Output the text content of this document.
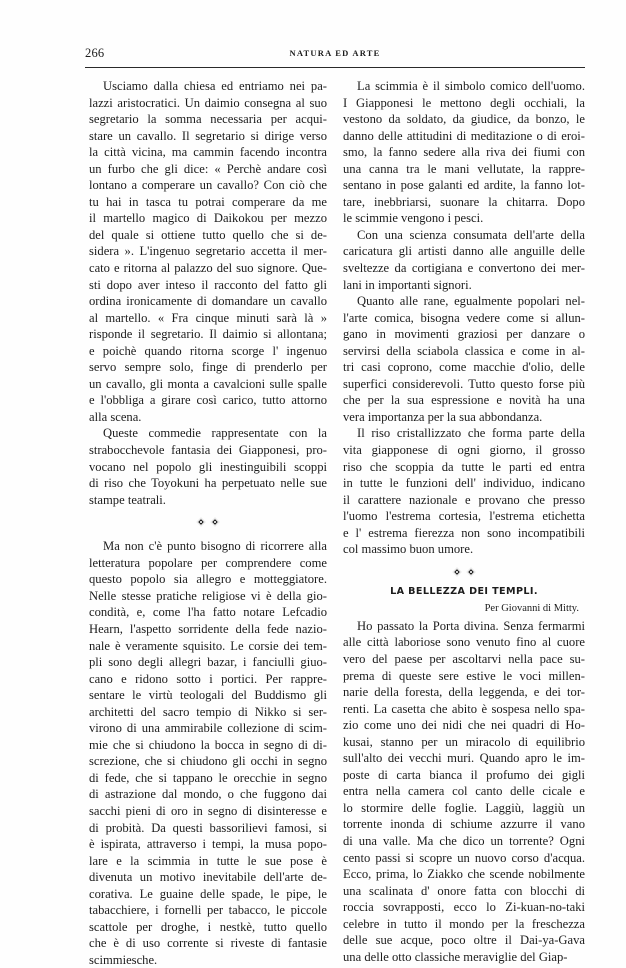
266	NATURA ED ARTE
Usciamo dalla chiesa ed entriamo nei pa-
lazzi aristocratici. Un daimio consegna al suo
segretario la somma necessaria per acqui-
stare un cavallo. Il segretario si dirige verso
la città vicina, ma cammin facendo incontra
un furbo che gli dice: « Perchè andare così
lontano a comperare un cavallo? Con ciò che
tu hai in tasca tu potrai comperare da me
il martello magico di Daikokou per mezzo
del quale si ottiene tutto quello che si de-
sidera ». L'ingenuo segretario accetta il mer-
cato e ritorna al palazzo del suo signore. Que-
sti dopo aver inteso il racconto del fatto gli
ordina ironicamente di domandare un cavallo
al martello. « Fra cinque minuti sarà là »
risponde il segretario. Il daimio si allontana;
e poichè quando ritorna scorge l' ingenuo
servo sempre solo, finge di prenderlo per
un cavallo, gli monta a cavalcioni sulle spalle
e l'obbliga a girare così carico, tutto attorno
alla scena.
Queste commedie rappresentate con la
strabocchevole fantasia dei Giapponesi, pro-
vocano nel popolo gli inestinguibili scoppi
di riso che Toyokuni ha perpetuato nelle sue
stampe teatrali.
Ma non c'è punto bisogno di ricorrere alla
letteratura popolare per comprendere come
questo popolo sia allegro e motteggiatore.
Nelle stesse pratiche religiose vi è della gio-
condità, e, come l'ha fatto notare Lefcadio
Hearn, l'aspetto sorridente della fede nazio-
nale è veramente squisito. Le corsie dei tem-
pli sono degli allegri bazar, i fanciulli giuo-
cano e ridono sotto i portici. Per rappre-
sentare le virtù teologali del Buddismo gli
architetti del sacro tempio di Nikko si ser-
virono di una ammirabile collezione di scim-
mie che si chiudono la bocca in segno di di-
screzione, che si chiudono gli occhi in segno
di fede, che si tappano le orecchie in segno
di astrazione dal mondo, o che fuggono dai
sacchi pieni di oro in segno di disinteresse e
di probità. Da questi bassorilievi famosi, si
è ispirata, attraverso i tempi, la musa popo-
lare e la scimmia in tutte le sue pose è
divenuta un motivo inevitabile dell'arte de-
corativa. Le guaine delle spade, le pipe, le
tabacchiere, i fornelli per tabacco, le piccole
scattole per droghe, i nestkè, tutto quello
che è di uso corrente si riveste di fantasie
scimmiesche.
La scimmia è il simbolo comico dell'uomo.
I Giapponesi le mettono degli occhiali, la
vestono da soldato, da giudice, da bonzo, le
danno delle attitudini di meditazione o di eroi-
smo, la fanno sedere alla riva dei fiumi con
una canna tra le mani vellutate, la rappre-
sentano in pose galanti ed ardite, la fanno lot-
tare, inebbriarsi, suonare la chitarra. Dopo
le scimmie vengono i pesci.
Con una scienza consumata dell'arte della
caricatura gli artisti danno alle anguille delle
sveltezze da cortigiana e convertono dei mer-
lani in importanti signori.
Quanto alle rane, egualmente popolari nel-
l'arte comica, bisogna vedere come si allun-
gano in movimenti graziosi per danzare o
servirsi della sciabola classica e come in al-
tri casi coprono, come macchie d'olio, delle
superfici considerevoli. Tutto questo forse più
che per la sua espressione e novità ha una
vera importanza per la sua abbondanza.
Il riso cristallizzato che forma parte della
vita giapponese di ogni giorno, il grosso
riso che scoppia da tutte le parti ed entra
in tutte le funzioni dell' individuo, indicano
il carattere nazionale e provano che presso
l'uomo l'estrema cortesia, l'estrema etichetta
e l' estrema fierezza non sono incompatibili
col massimo buon umore.
LA BELLEZZA DEI TEMPLI.
Per Giovanni di Mitty.
Ho passato la Porta divina. Senza fermarmi
alle città laboriose sono venuto fino al cuore
vero del paese per ascoltarvi nella pace su-
prema di queste sere estive le voci millen-
narie della foresta, della leggenda, e dei tor-
renti. La casetta che abito è sospesa nello spa-
zio come uno dei nidi che nei quadri di Ho-
kusai, stanno per un miracolo di equilibrio
sull'alto dei vecchi muri. Quando apro le im-
poste di carta bianca il profumo dei gigli
entra nella camera col canto delle cicale e
lo stormire delle foglie. Laggiù, laggiù un
torrente inonda di schiume azzurre il vano
di una valle. Ma che dico un torrente? Ogni
cento passi si scopre un nuovo corso d'acqua.
Ecco, prima, lo Ziakko che scende nobilmente
una scalinata d' onore fatta con blocchi di
roccia sovrapposti, ecco lo Zi-kuan-no-taki
celebre in tutto il mondo per la freschezza
delle sue acque, poco oltre il Dai-ya-Gava
una delle otto classiche meraviglie del Giap-
